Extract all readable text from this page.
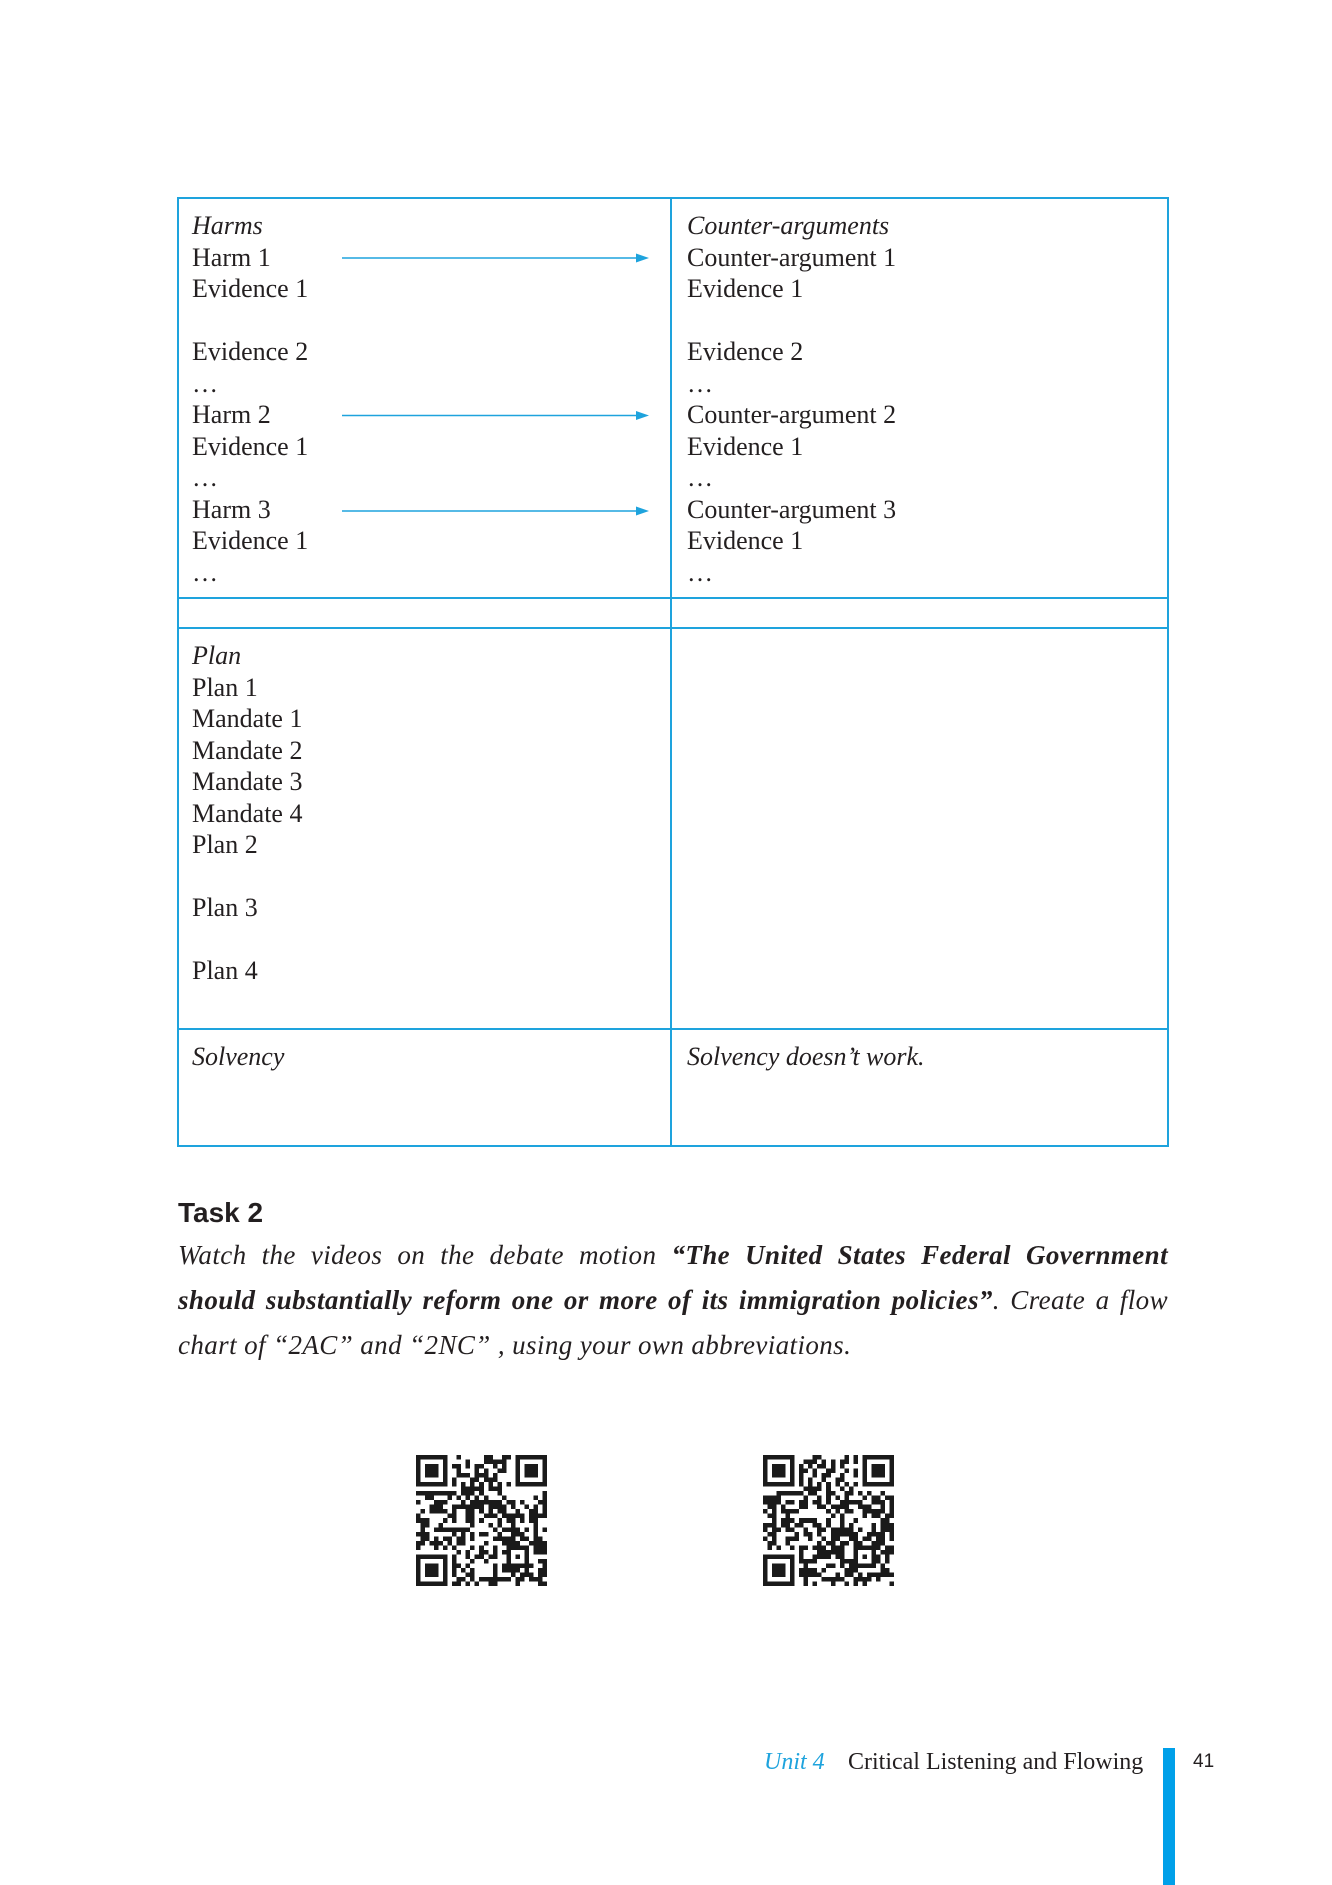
Harms
Harm 1
Evidence 1
Evidence 2
…
Harm 2
Evidence 1
…
Harm 3
Evidence 1
…
Counter-arguments
Counter-argument 1
Evidence 1
Evidence 2
…
Counter-argument 2
Evidence 1
…
Counter-argument 3
Evidence 1
…
Plan
Plan 1
Mandate 1
Mandate 2
Mandate 3
Mandate 4
Plan 2
Plan 3
Plan 4
Solvency	Solvency doesn’t work.
Task 2
Watch the videos on the debate motion “The United States Federal Government
should substantially reform one or more of its immigration policies”. Create a flow
chart of “2AC” and “2NC” , using your own abbreviations.
Unit 4 Critical Listening and Flowing	41
